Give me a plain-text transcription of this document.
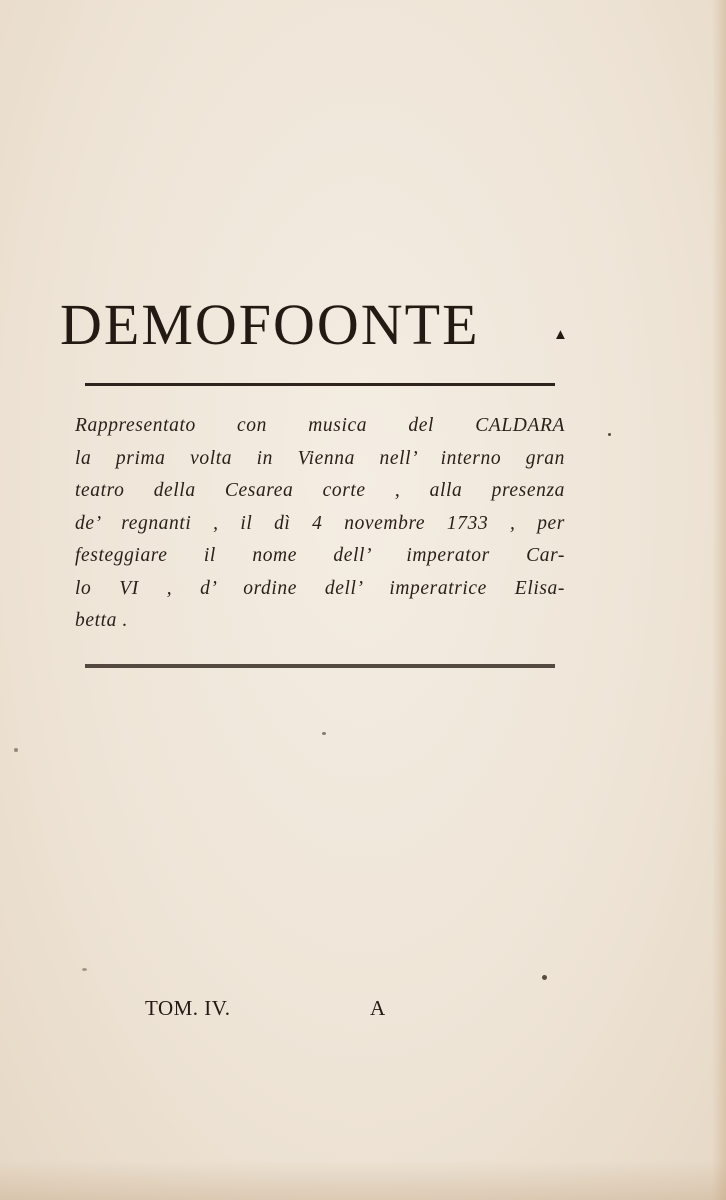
DEMOFOONTE	▲
Rappresentato con musica del CALDARA
la prima volta in Vienna nell’ interno gran
teatro della Cesarea corte , alla presenza
de’ regnanti , il dì 4 novembre 1733 , per
festeggiare il nome dell’ imperator Car-
lo VI , d’ ordine dell’ imperatrice Elisa-
betta .
TOM. IV.	A
